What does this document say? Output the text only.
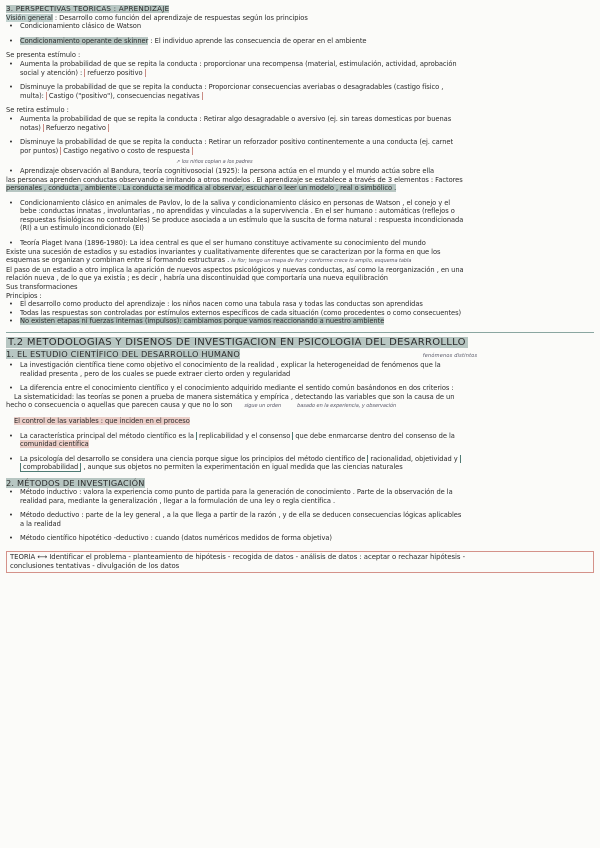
3. PERSPECTIVAS TEÓRICAS : APRENDIZAJE
Visión general : Desarrollo como función del aprendizaje de respuestas según los principios
• Condicionamiento clásico de Watson
• Condicionamiento operante de skinner : El individuo aprende las consecuencia de operar en el ambiente
Se presenta estímulo :
• Aumenta la probabilidad de que se repita la conducta : proporcionar una recompensa (material, estimulación, actividad, aprobación
social y atención) : refuerzo positivo
• Disminuye la probabilidad de que se repita la conducta : Proporcionar consecuencias averiabas o desagradables (castigo físico ,
multa): Castigo ("positivo"), consecuencias negativas
Se retira estímulo :
• Aumenta la probabilidad de que se repita la conducta : Retirar algo desagradable o aversivo (ej. sin tareas domesticas por buenas
notas) Refuerzo negativo
• Disminuye la probabilidad de que se repita la conducta : Retirar un reforzador positivo continentemente a una conducta (ej. carnet
por puntos) Castigo negativo o costo de respuesta
↗ los niños copian a los padres
• Aprendizaje observación al Bandura, teoría cognitivosocial (1925): la persona actúa en el mundo y el mundo actúa sobre ella
las personas aprenden conductas observando e imitando a otros modelos . El aprendizaje se establece a través de 3 elementos : Factores
personales , conducta , ambiente . La conducta se modifica al observar, escuchar o leer un modelo , real o simbólico .
• Condicionamiento clásico en animales de Pavlov, lo de la saliva y condicionamiento clásico en personas de Watson , el conejo y el
bebe :conductas innatas , involuntarias , no aprendidas y vinculadas a la supervivencia . En el ser humano : automáticas (reflejos o
respuestas fisiológicas no controlables) Se produce asociada a un estímulo que la suscita de forma natural : respuesta incondicionada
(RI) a un estímulo incondicionado (EI)
• Teoría Piaget Ivana (1896-1980): La idea central es que el ser humano constituye activamente su conocimiento del mundo
Existe una sucesión de estadios y su estadios invariantes y cualitativamente diferentes que se caracterizan por la forma en que los
esquemas se organizan y combinan entre sí formando estructuras . la flor; tengo un mapa de flor y conforme crece lo amplio, esquema tabla
El paso de un estadio a otro implica la aparición de nuevos aspectos psicológicos y nuevas conductas, así como la reorganización , en una
relación nueva , de lo que ya existía ; es decir , habría una discontinuidad que comportaría una nueva equilibración
Sus transformaciones
Principios :
• El desarrollo como producto del aprendizaje : los niños nacen como una tabula rasa y todas las conductas son aprendidas
• Todas las respuestas son controladas por estímulos externos específicos de cada situación (como procedentes o como consecuentes)
• No existen etapas ni fuerzas internas (impulsos): cambiamos porque vamos reaccionando a nuestro ambiente
T.2 METODOLOGÍAS Y DISEÑOS DE INVESTIGACIÓN EN PSICOLOGÍA DEL DESARROLLLO
1. EL ESTUDIO CIENTÍFICO DEL DESARROLLO HUMANO	fenómenos distintos
• La investigación científica tiene como objetivo el conocimiento de la realidad , explicar la heterogeneidad de fenómenos que la
realidad presenta , pero de los cuales se puede extraer cierto orden y regularidad
• La diferencia entre el conocimiento científico y el conocimiento adquirido mediante el sentido común basándonos en dos criterios :
La sistematicidad: las teorías se ponen a prueba de manera sistemática y empírica , detectando las variables que son la causa de un
hecho o consecuencia o aquellas que parecen causa y que no lo son sigue un orden	basado en la experiencia, y observación
El control de las variables : que inciden en el proceso
• La característica principal del método científico es la replicabilidad y el consenso que debe enmarcarse dentro del consenso de la
comunidad científica
• La psicología del desarrollo se considera una ciencia porque sigue los principios del método científico de racionalidad, objetividad y
comprobabilidad , aunque sus objetos no permiten la experimentación en igual medida que las ciencias naturales
2. MÉTODOS DE INVESTIGACIÓN
• Método inductivo : valora la experiencia como punto de partida para la generación de conocimiento . Parte de la observación de la
realidad para, mediante la generalización , llegar a la formulación de una ley o regla científica .
• Método deductivo : parte de la ley general , a la que llega a partir de la razón , y de ella se deducen consecuencias lógicas aplicables
a la realidad
• Método científico hipotético -deductivo : cuando (datos numéricos medidos de forma objetiva)
TEORÍA ⟷ Identificar el problema - planteamiento de hipótesis - recogida de datos - análisis de datos : aceptar o rechazar hipótesis -
conclusiones tentativas - divulgación de los datos
